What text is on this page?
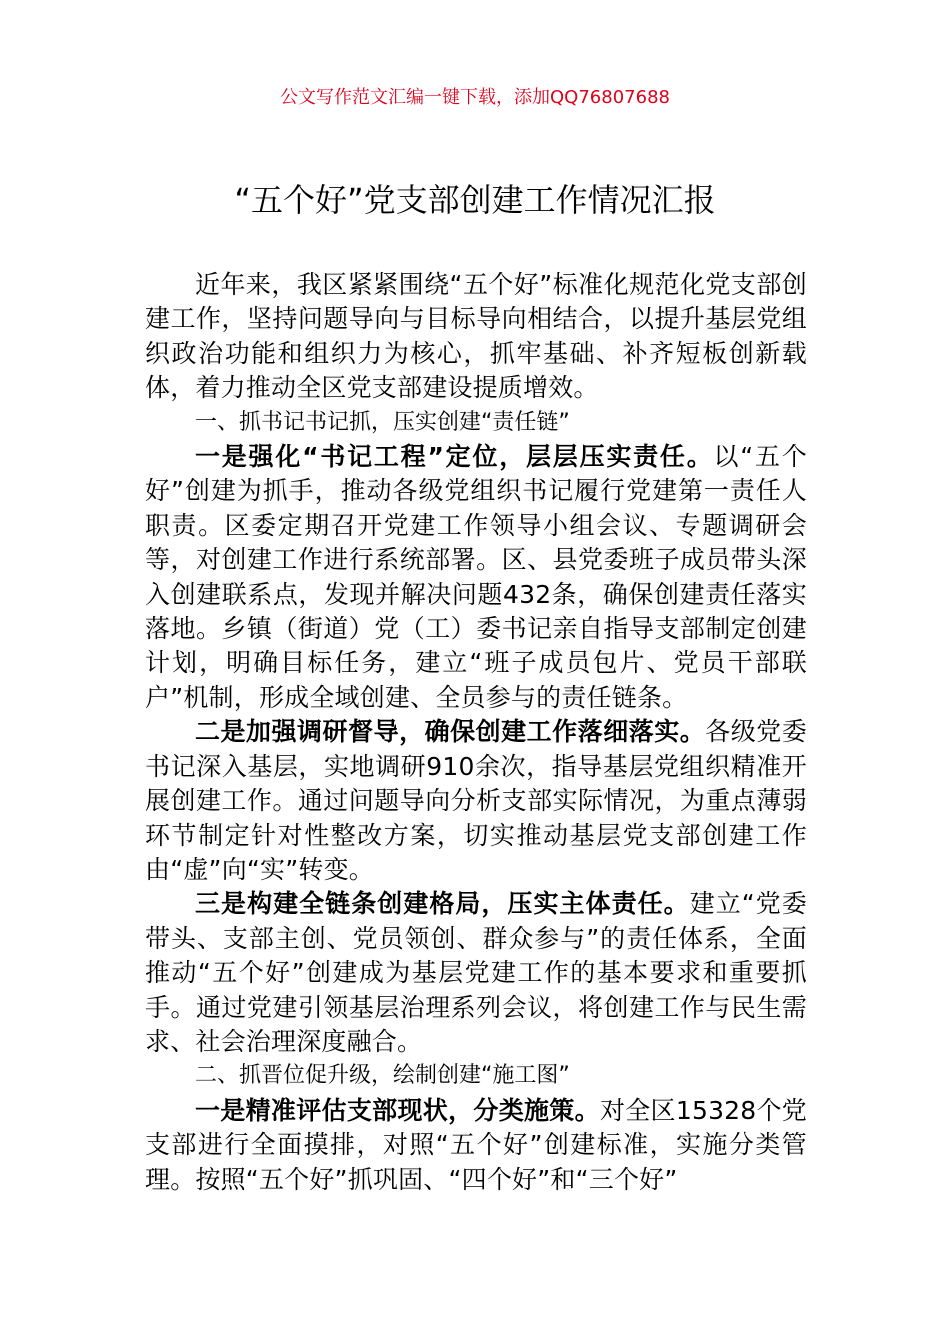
公文写作范文汇编一键下载，添加QQ76807688
“五个好”党支部创建工作情况汇报

近年来，我区紧紧围绕“五个好”标准化规范化党支部创建工作，坚持问题导向与目标导向相结合，以提升基层党组织政治功能和组织力为核心，抓牢基础、补齐短板创新载体，着力推动全区党支部建设提质增效。

一、抓书记书记抓，压实创建“责任链”

一是强化“书记工程”定位，层层压实责任。以“五个好”创建为抓手，推动各级党组织书记履行党建第一责任人职责。区委定期召开党建工作领导小组会议、专题调研会等，对创建工作进行系统部署。区、县党委班子成员带头深入创建联系点，发现并解决问题432条，确保创建责任落实落地。乡镇（街道）党（工）委书记亲自指导支部制定创建计划，明确目标任务，建立“班子成员包片、党员干部联户”机制，形成全域创建、全员参与的责任链条。

二是加强调研督导，确保创建工作落细落实。各级党委书记深入基层，实地调研910余次，指导基层党组织精准开展创建工作。通过问题导向分析支部实际情况，为重点薄弱环节制定针对性整改方案，切实推动基层党支部创建工作由“虚”向“实”转变。

三是构建全链条创建格局，压实主体责任。建立“党委带头、支部主创、党员领创、群众参与”的责任体系，全面推动“五个好”创建成为基层党建工作的基本要求和重要抓手。通过党建引领基层治理系列会议，将创建工作与民生需求、社会治理深度融合。

二、抓晋位促升级，绘制创建“施工图”

一是精准评估支部现状，分类施策。对全区15328个党支部进行全面摸排，对照“五个好”创建标准，实施分类管理。按照“五个好”抓巩固、“四个好”和“三个好”
